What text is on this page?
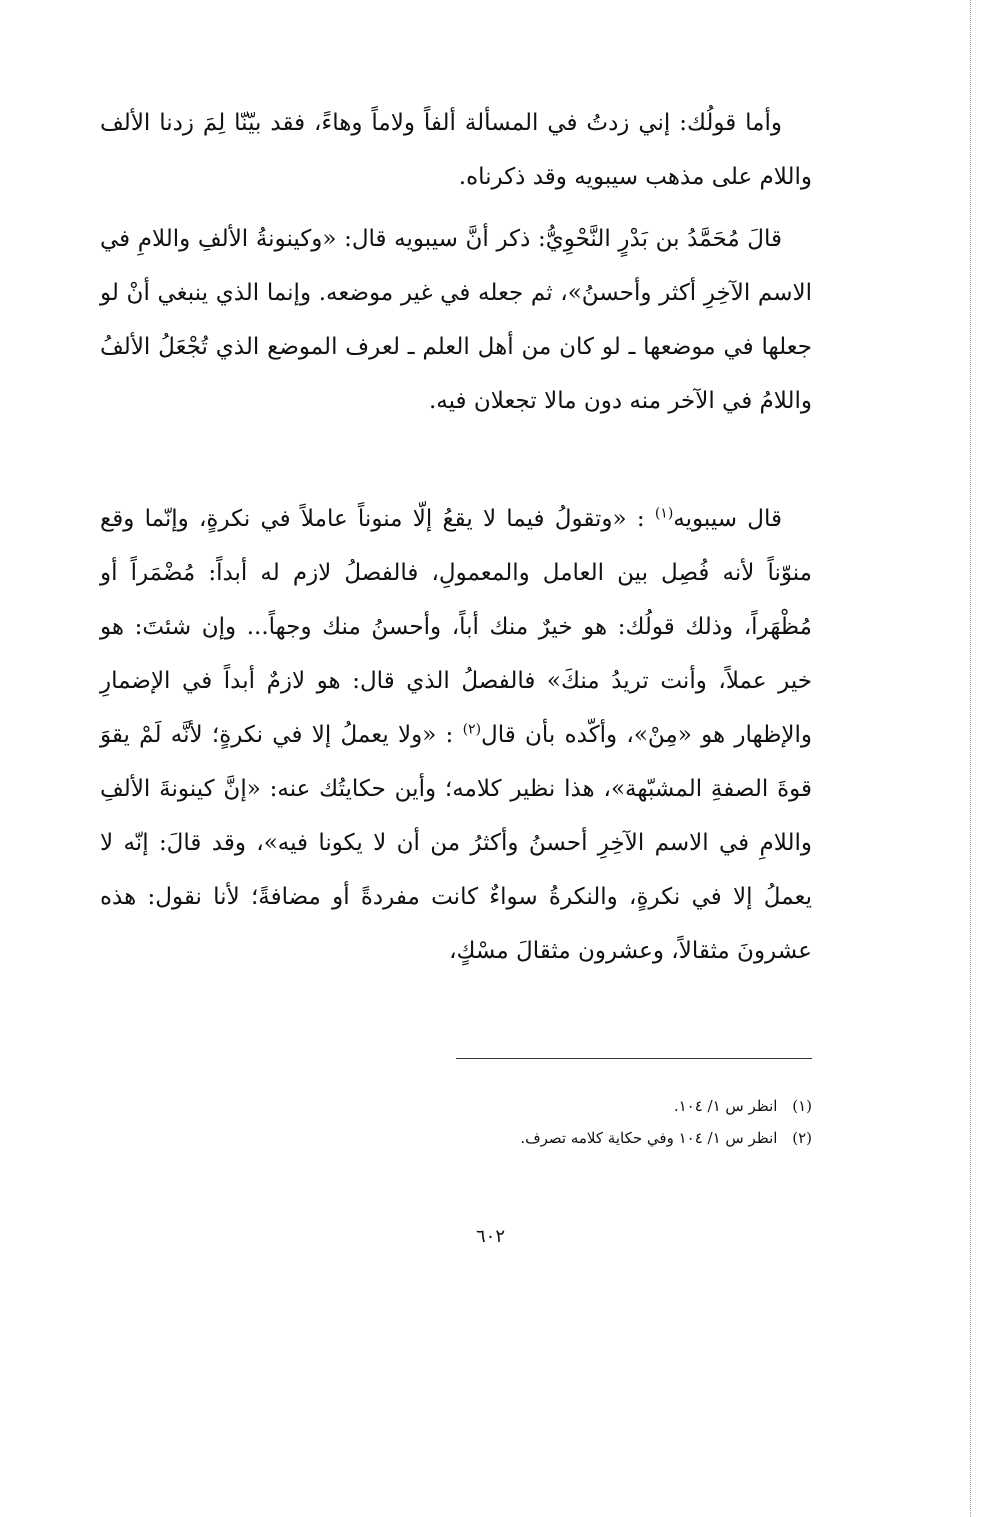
وأما قولُك: إني زدتُ في المسألة ألفاً ولاماً وهاءً، فقد بيّنّا لِمَ زدنا الألف واللام على مذهب سيبويه وقد ذكرناه.

قالَ مُحَمَّدُ بن بَدْرٍ النَّحْوِيُّ: ذكر أنَّ سيبويه قال: «وكينونةُ الألفِ واللامِ في الاسم الآخِرِ أكثر وأحسنُ»، ثم جعله في غير موضعه. وإنما الذي ينبغي أنْ لو جعلها في موضعها ـ لو كان من أهل العلم ـ لعرف الموضع الذي تُجْعَلُ الألفُ واللامُ في الآخر منه دون مالا تجعلان فيه.

قال سيبويه$^{(١)}$ : «وتقولُ فيما لا يقعُ إلّا منوناً عاملاً في نكرةٍ، وإنّما وقع منوّناً لأنه فُصِل بين العامل والمعمولِ، فالفصلُ لازم له أبداً: مُضْمَراً أو مُظْهَراً، وذلك قولُك: هو خيرٌ منك أباً، وأحسنُ منك وجهاً... وإن شئتَ: هو خير عملاً، وأنت تريدُ منكَ» فالفصلُ الذي قال: هو لازمٌ أبداً في الإضمارِ والإظهار هو «مِنْ»، وأكّده بأن قال$^{(٢)}$ : «ولا يعملُ إلا في نكرةٍ؛ لأنَّه لَمْ يقوَ قوةَ الصفةِ المشبّهة»، هذا نظير كلامه؛ وأين حكايتُك عنه: «إنَّ كينونةَ الألفِ واللامِ في الاسم الآخِرِ أحسنُ وأكثرُ من أن لا يكونا فيه»، وقد قالَ: إنّه لا يعملُ إلا في نكرةٍ، والنكرةُ سواءٌ كانت مفردةً أو مضافةً؛ لأنا نقول: هذه عشرونَ مثقالاً، وعشرون مثقالَ مسْكٍ،

(١) انظر س ١/ ١٠٤.
(٢) انظر س ١/ ١٠٤ وفي حكاية كلامه تصرف.
٦٠٢
